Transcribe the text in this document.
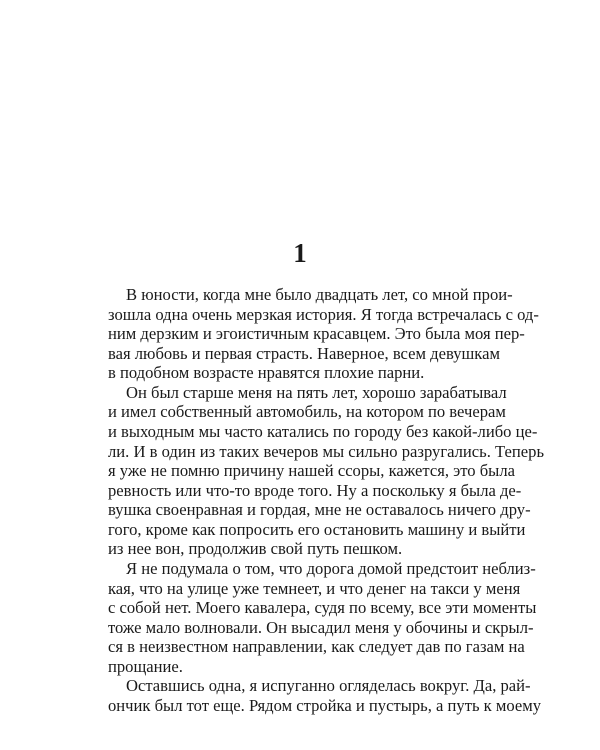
1
В юности, когда мне было двадцать лет, со мной прои-
зошла одна очень мерзкая история. Я тогда встречалась с од-
ним дерзким и эгоистичным красавцем. Это была моя пер-
вая любовь и первая страсть. Наверное, всем девушкам
в подобном возрасте нравятся плохие парни.
Он был старше меня на пять лет, хорошо зарабатывал
и имел собственный автомобиль, на котором по вечерам
и выходным мы часто катались по городу без какой-либо це-
ли. И в один из таких вечеров мы сильно разругались. Теперь
я уже не помню причину нашей ссоры, кажется, это была
ревность или что-то вроде того. Ну а поскольку я была де-
вушка своенравная и гордая, мне не оставалось ничего дру-
гого, кроме как попросить его остановить машину и выйти
из нее вон, продолжив свой путь пешком.
Я не подумала о том, что дорога домой предстоит неблиз-
кая, что на улице уже темнеет, и что денег на такси у меня
с собой нет. Моего кавалера, судя по всему, все эти моменты
тоже мало волновали. Он высадил меня у обочины и скрыл-
ся в неизвестном направлении, как следует дав по газам на
прощание.
Оставшись одна, я испуганно огляделась вокруг. Да, рай-
ончик был тот еще. Рядом стройка и пустырь, а путь к моему
